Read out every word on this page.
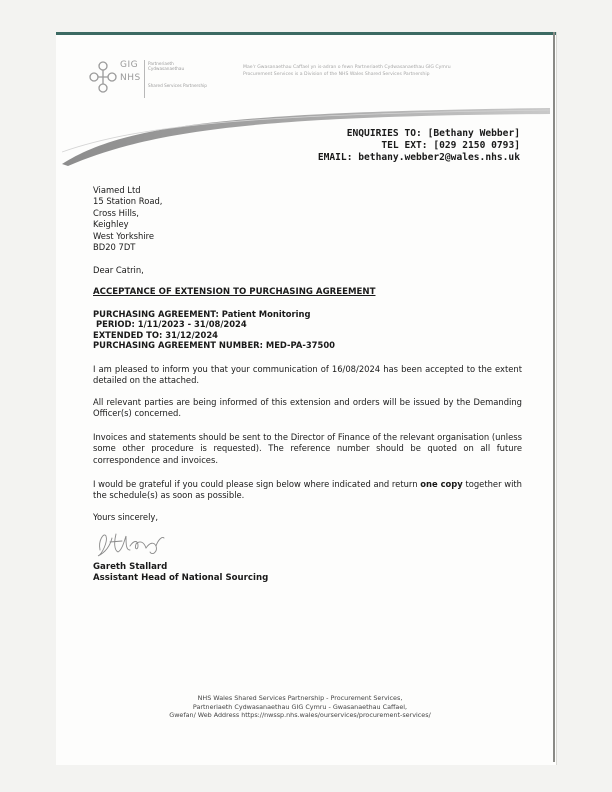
GIG
NHS
Partneriaeth Cydwasanaethau
Shared Services Partnership
Mae'r Gwasanaethau Caffael yn is-adran o fewn Partneriaeth Cydwasanaethau GIG Cymru
Procurement Services is a Division of the NHS Wales Shared Services Partnership
ENQUIRIES TO: [Bethany Webber]
TEL EXT: [029 2150 0793]
EMAIL: bethany.webber2@wales.nhs.uk
Viamed Ltd
15 Station Road,
Cross Hills,
Keighley
West Yorkshire
BD20 7DT
Dear Catrin,
ACCEPTANCE OF EXTENSION TO PURCHASING AGREEMENT
PURCHASING AGREEMENT: Patient Monitoring
PERIOD: 1/11/2023 - 31/08/2024
EXTENDED TO: 31/12/2024
PURCHASING AGREEMENT NUMBER: MED-PA-37500
I am pleased to inform you that your communication of 16/08/2024 has been accepted to the extent detailed on the attached.
All relevant parties are being informed of this extension and orders will be issued by the Demanding Officer(s) concerned.
Invoices and statements should be sent to the Director of Finance of the relevant organisation (unless some other procedure is requested). The reference number should be quoted on all future correspondence and invoices.
I would be grateful if you could please sign below where indicated and return one copy together with the schedule(s) as soon as possible.
Yours sincerely,
Gareth Stallard
Assistant Head of National Sourcing
NHS Wales Shared Services Partnership - Procurement Services,
Partneriaeth Cydwasanaethau GIG Cymru - Gwasanaethau Caffael,
Gwefan/ Web Address https://nwssp.nhs.wales/ourservices/procurement-services/
